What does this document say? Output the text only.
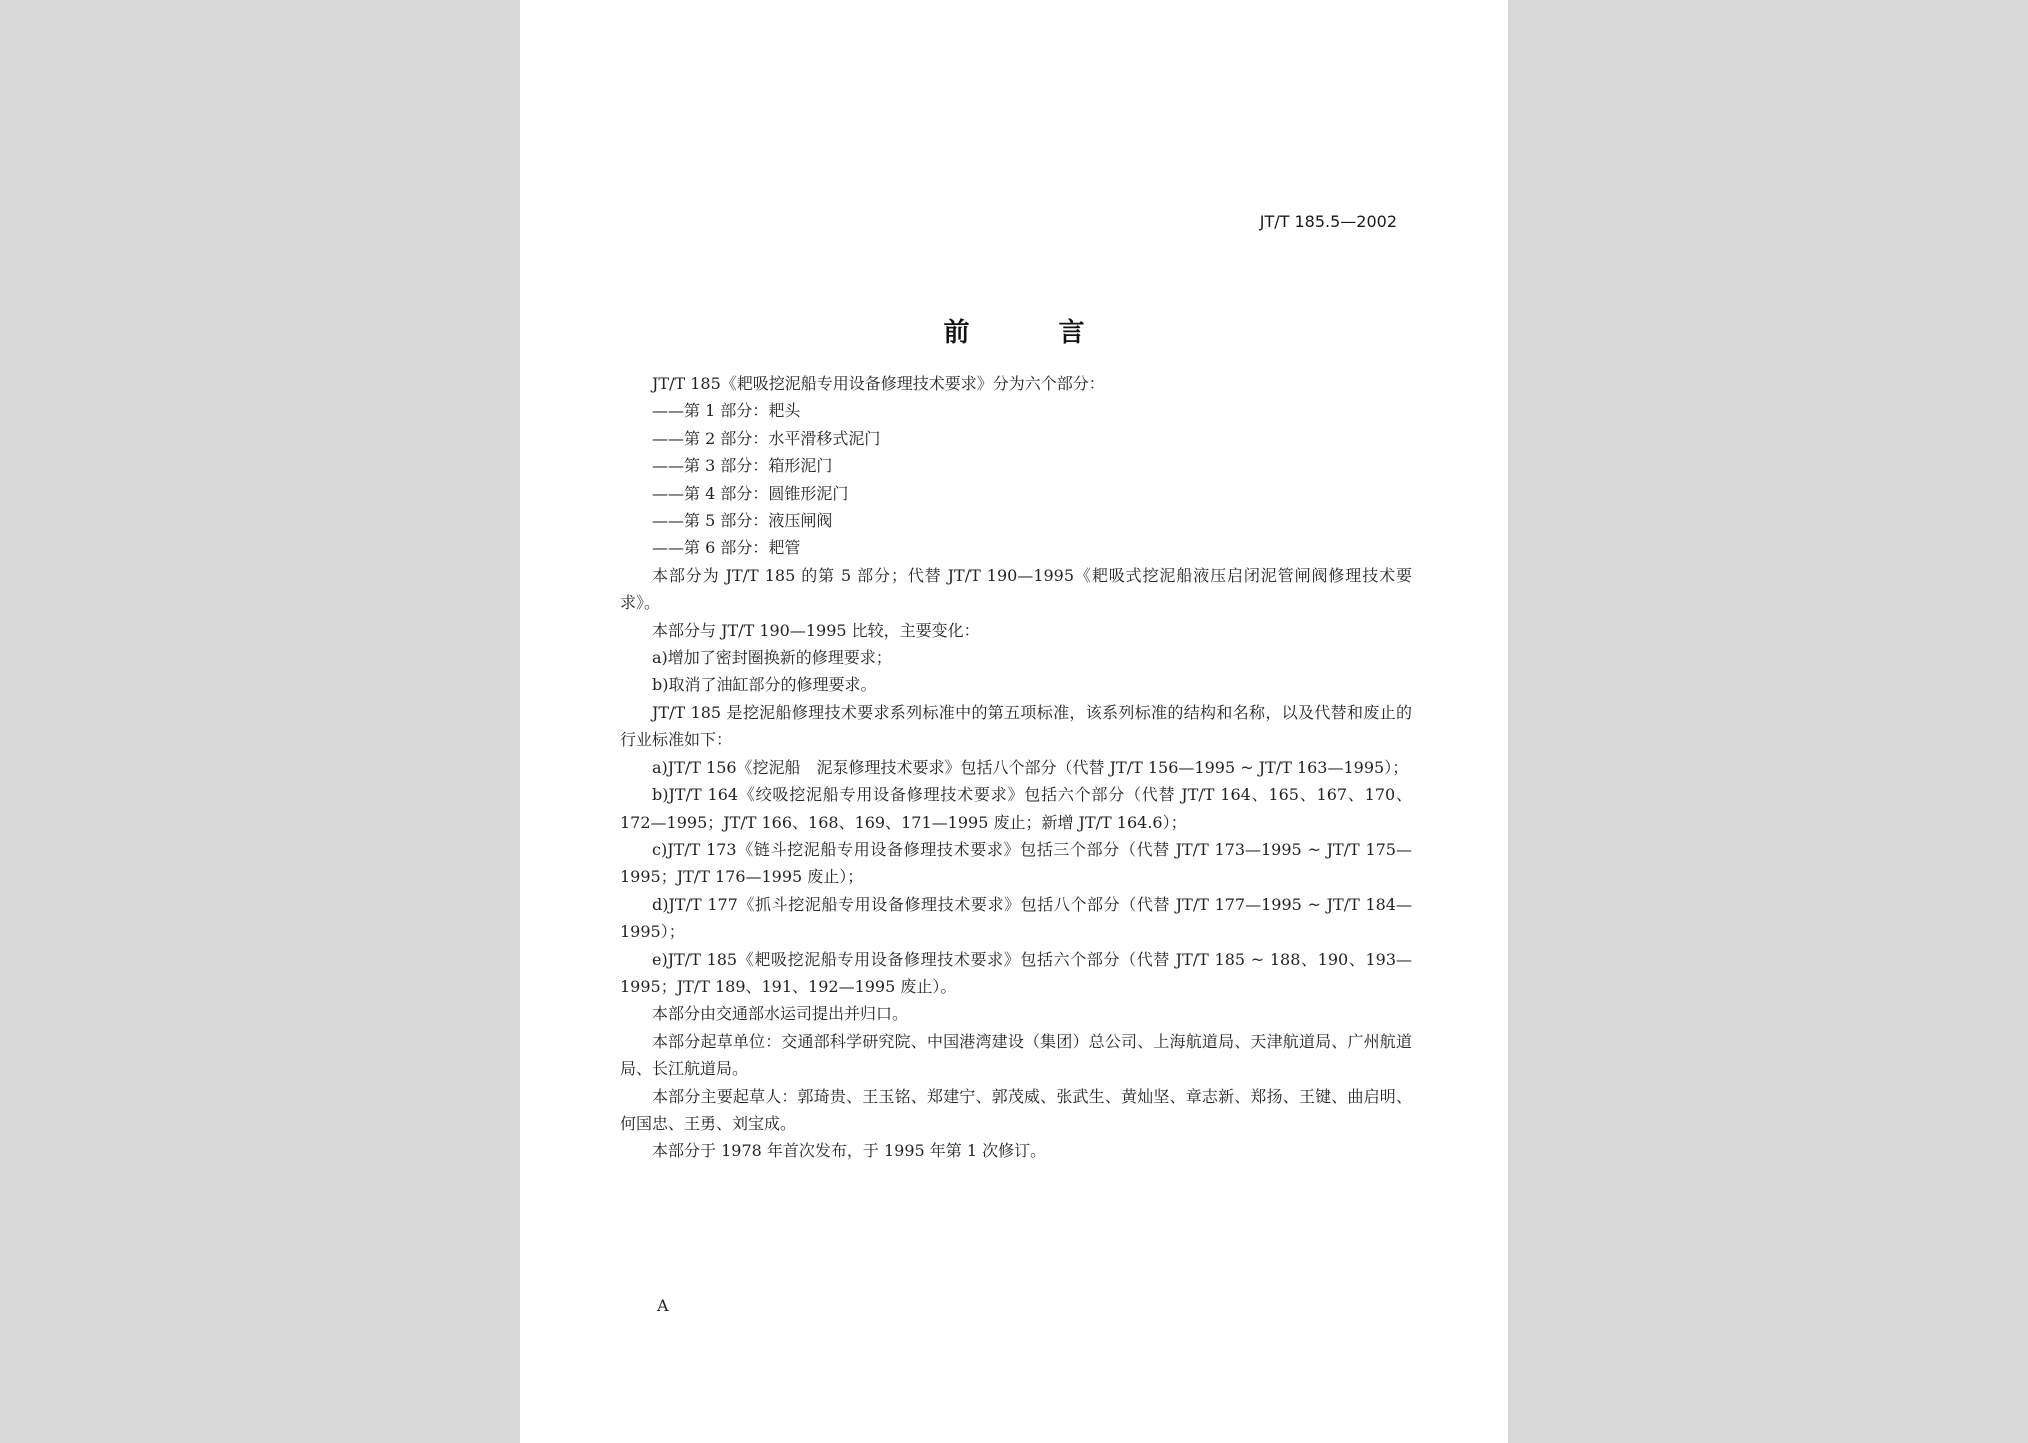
JT/T 185.5—2002
前 言

JT/T 185《耙吸挖泥船专用设备修理技术要求》分为六个部分：

——第 1 部分：耙头

——第 2 部分：水平滑移式泥门

——第 3 部分：箱形泥门

——第 4 部分：圆锥形泥门

——第 5 部分：液压闸阀

——第 6 部分：耙管

本部分为 JT/T 185 的第 5 部分；代替 JT/T 190—1995《耙吸式挖泥船液压启闭泥管闸阀修理技术要求》。

本部分与 JT/T 190—1995 比较，主要变化：

a)增加了密封圈换新的修理要求；

b)取消了油缸部分的修理要求。

JT/T 185 是挖泥船修理技术要求系列标准中的第五项标准，该系列标准的结构和名称，以及代替和废止的行业标准如下：

a)JT/T 156《挖泥船　泥泵修理技术要求》包括八个部分（代替 JT/T 156—1995 ~ JT/T 163—1995）；

b)JT/T 164《绞吸挖泥船专用设备修理技术要求》包括六个部分（代替 JT/T 164、165、167、170、172—1995；JT/T 166、168、169、171—1995 废止；新增 JT/T 164.6）；

c)JT/T 173《链斗挖泥船专用设备修理技术要求》包括三个部分（代替 JT/T 173—1995 ~ JT/T 175—1995；JT/T 176—1995 废止）；

d)JT/T 177《抓斗挖泥船专用设备修理技术要求》包括八个部分（代替 JT/T 177—1995 ~ JT/T 184—1995）；

e)JT/T 185《耙吸挖泥船专用设备修理技术要求》包括六个部分（代替 JT/T 185 ~ 188、190、193—1995；JT/T 189、191、192—1995 废止）。

本部分由交通部水运司提出并归口。

本部分起草单位：交通部科学研究院、中国港湾建设（集团）总公司、上海航道局、天津航道局、广州航道局、长江航道局。

本部分主要起草人：郭琦贵、王玉铭、郑建宁、郭茂威、张武生、黄灿坚、章志新、郑扬、王键、曲启明、何国忠、王勇、刘宝成。

本部分于 1978 年首次发布，于 1995 年第 1 次修订。

A
